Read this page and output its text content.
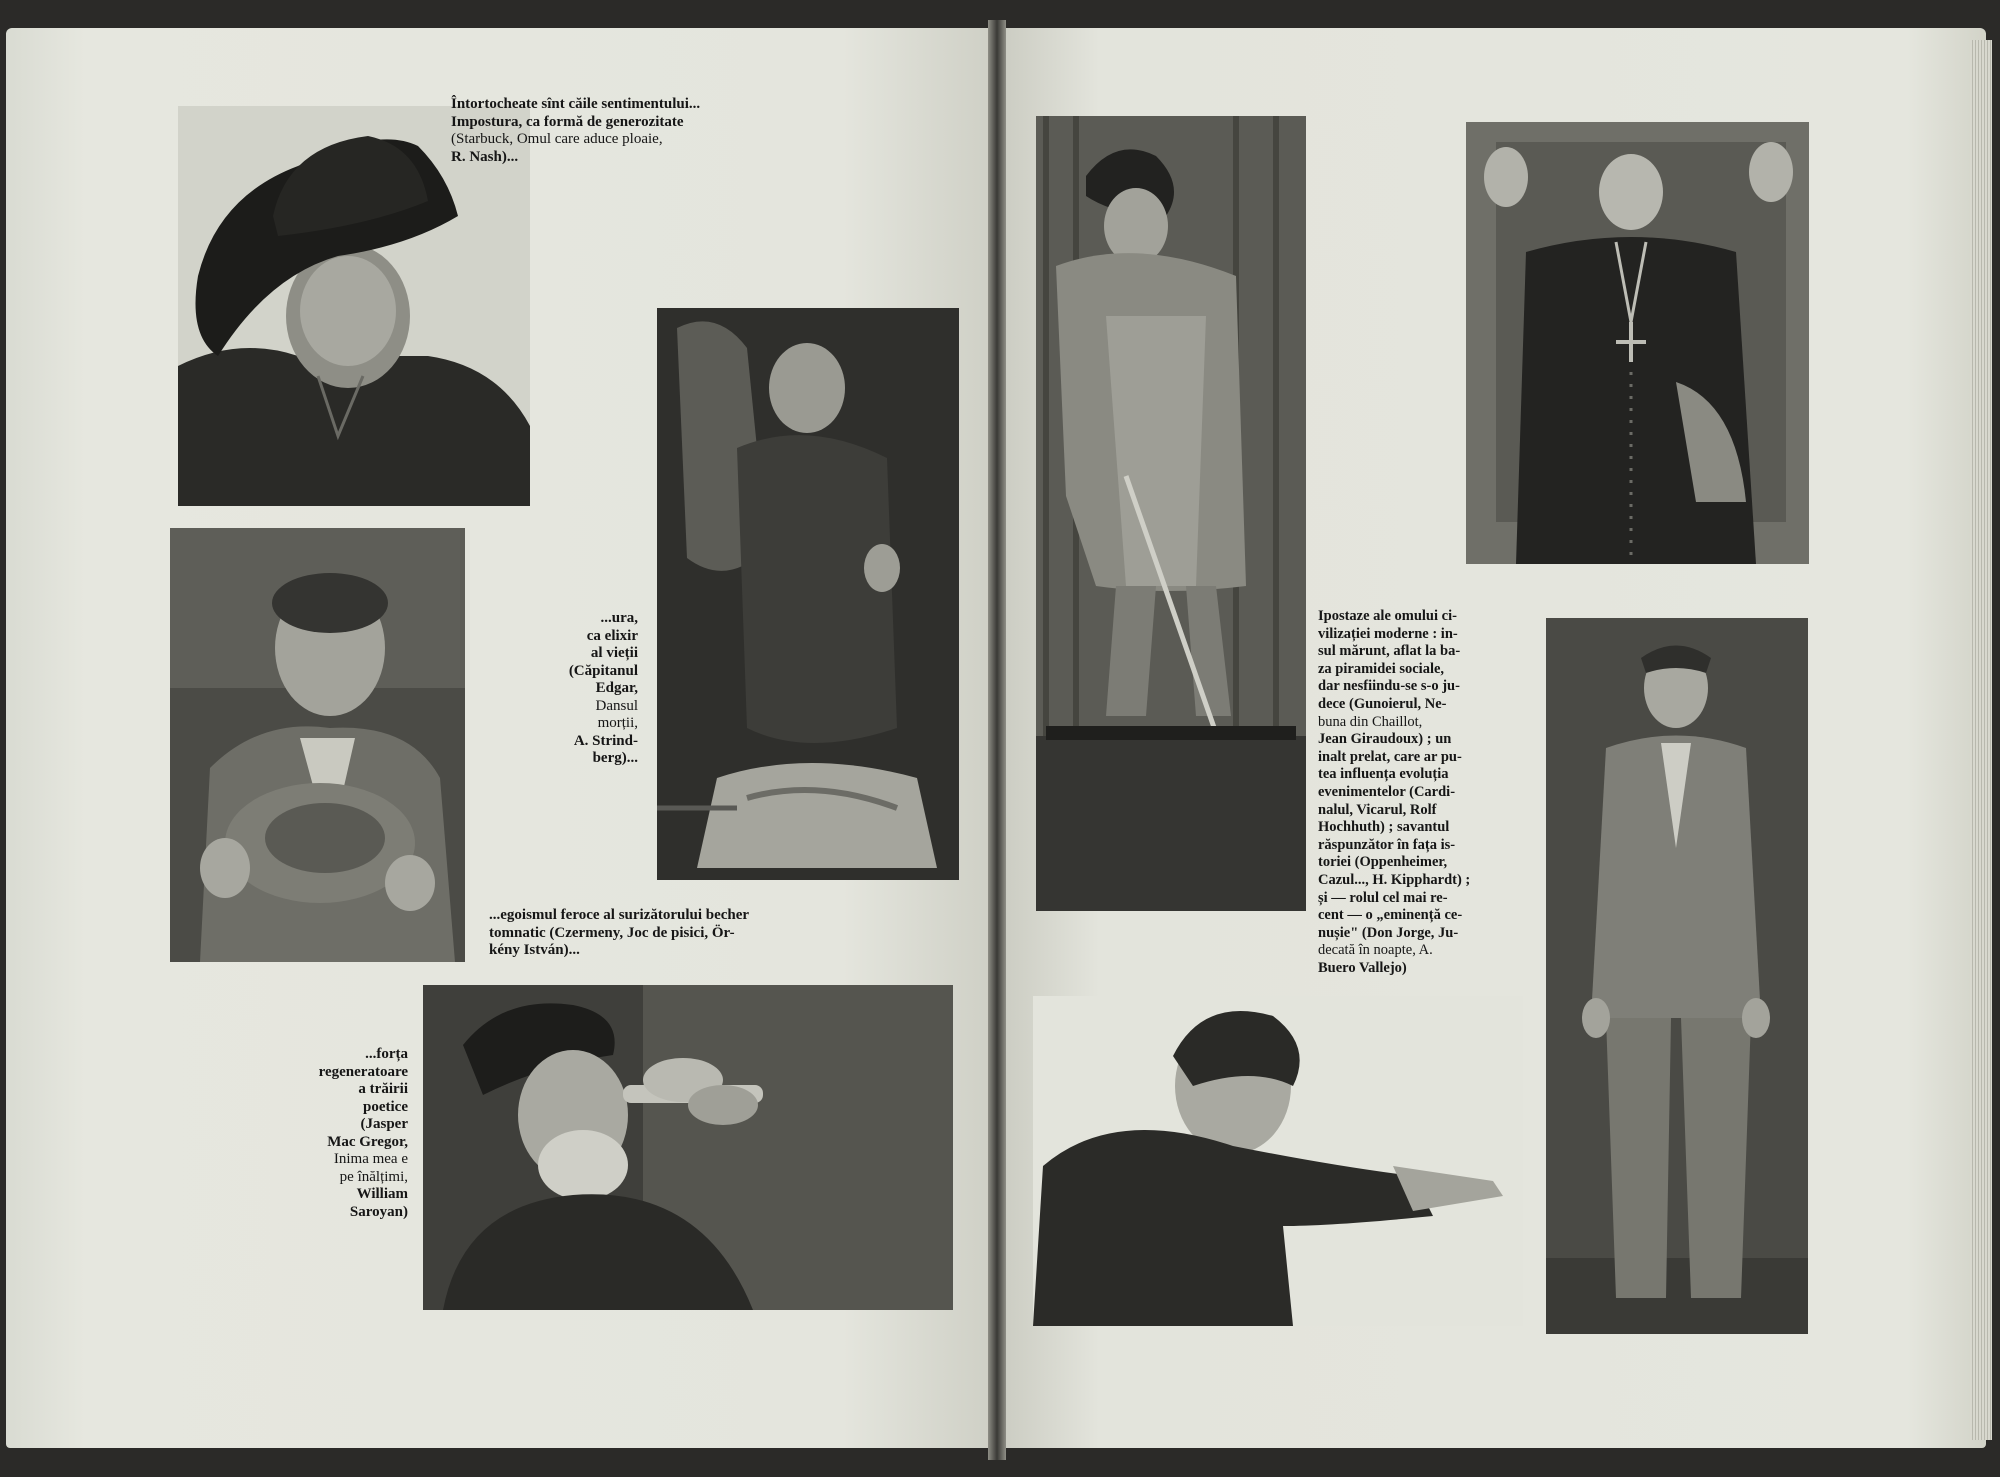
Întortocheate sînt căile sentimentului...
Impostura, ca formă de generozitate
(Starbuck, Omul care aduce ploaie,
R. Nash)...
...ura,
ca elixir
al vieții
(Căpitanul
Edgar,
Dansul
morții,
A. Strind-
berg)...
...egoismul feroce al surizătorului becher
tomnatic (Czermeny, Joc de pisici, Ör-
kény István)...
...forța
regeneratoare
a trăirii
poetice
(Jasper
Mac Gregor,
Inima mea e
pe înălțimi,
William
Saroyan)
Ipostaze ale omului ci-
vilizației moderne : in-
sul mărunt, aflat la ba-
za piramidei sociale,
dar nesfiindu-se s-o ju-
dece (Gunoierul, Ne-
buna din Chaillot,
Jean Giraudoux) ; un
inalt prelat, care ar pu-
tea influența evoluția
evenimentelor (Cardi-
nalul, Vicarul, Rolf
Hochhuth) ; savantul
răspunzător în fața is-
toriei (Oppenheimer,
Cazul..., H. Kipphardt) ;
și — rolul cel mai re-
cent — o „eminență ce-
nușie" (Don Jorge, Ju-
decată în noapte, A.
Buero Vallejo)
